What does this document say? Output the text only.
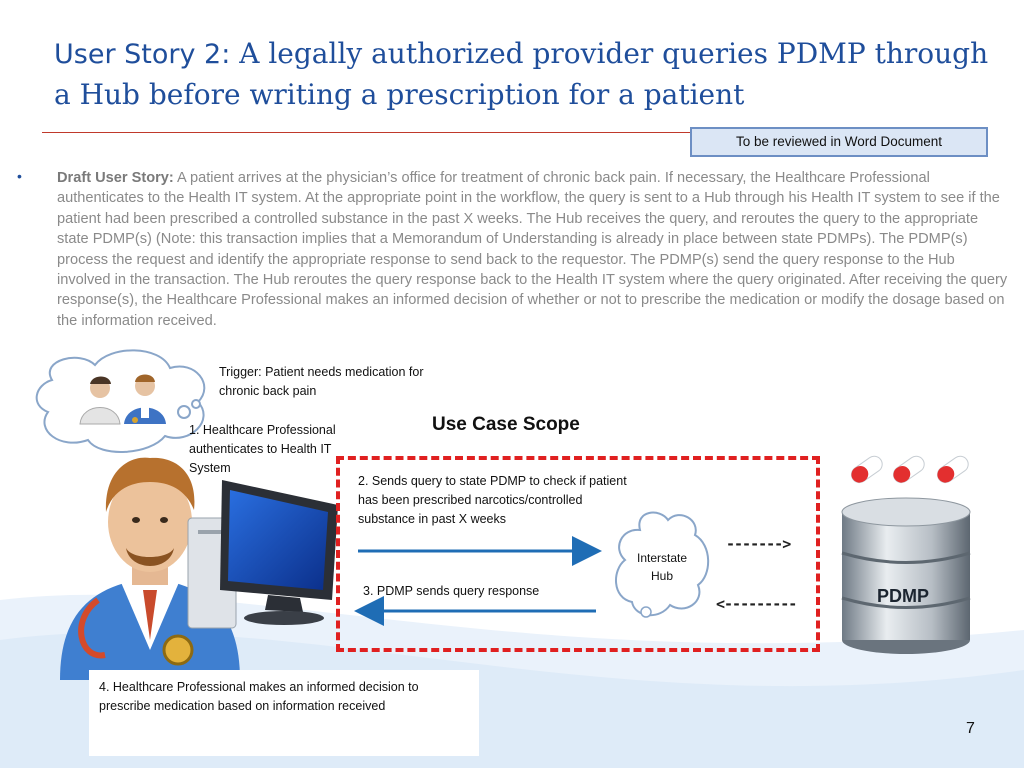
User Story 2: A legally authorized provider queries PDMP through a Hub before writing a prescription for a patient
To be reviewed in Word Document
• Draft User Story: A patient arrives at the physician’s office for treatment of chronic back pain. If necessary, the Healthcare Professional authenticates to the Health IT system. At the appropriate point in the workflow, the query is sent to a Hub through his Health IT system to see if the patient had been prescribed a controlled substance in the past X weeks. The Hub receives the query, and reroutes the query to the appropriate state PDMP(s) (Note: this transaction implies that a Memorandum of Understanding is already in place between state PDMPs). The PDMP(s) process the request and identify the appropriate response to send back to the requestor. The PDMP(s) send the query response to the Hub involved in the transaction. The Hub reroutes the query response back to the Health IT system where the query originated. After receiving the query response(s), the Healthcare Professional makes an informed decision of whether or not to prescribe the medication or modify the dosage based on the information received.
Trigger: Patient needs medication for chronic back pain
1. Healthcare Professional authenticates to Health IT System
Use Case Scope
2. Sends query to state PDMP to check if patient has been prescribed narcotics/controlled substance in past X weeks
3. PDMP sends query response
Interstate Hub
PDMP
------->
<---------
4. Healthcare Professional makes an informed decision to prescribe medication based on information received
7
